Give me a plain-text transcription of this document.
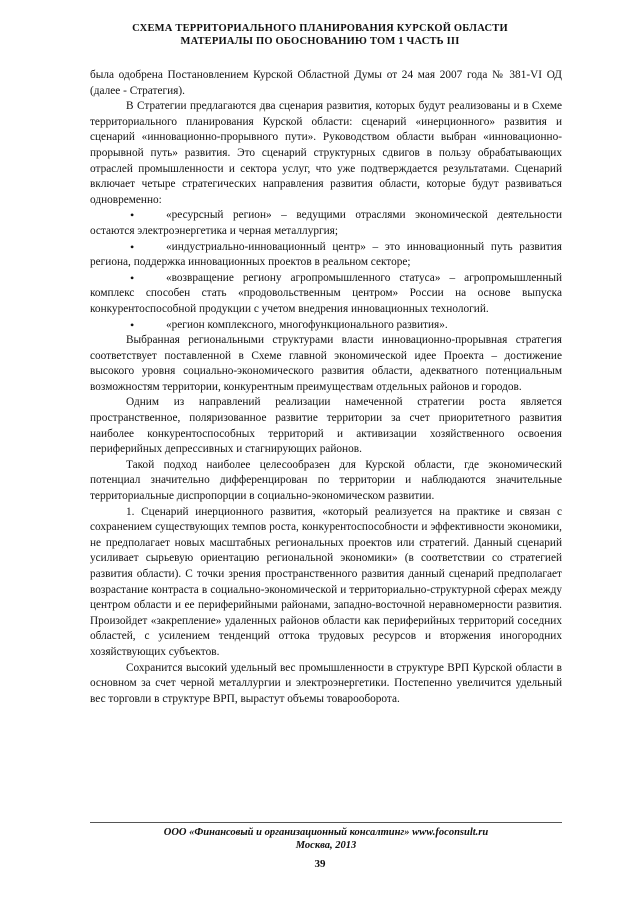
СХЕМА ТЕРРИТОРИАЛЬНОГО ПЛАНИРОВАНИЯ КУРСКОЙ ОБЛАСТИ
МАТЕРИАЛЫ ПО ОБОСНОВАНИЮ ТОМ 1 ЧАСТЬ III

была одобрена Постановлением Курской Областной Думы от 24 мая 2007 года № 381-VI ОД (далее - Стратегия).

В Стратегии предлагаются два сценария развития, которых будут реализованы и в Схеме территориального планирования Курской области: сценарий «инерционного» развития и сценарий «инновационно-прорывного пути». Руководством области выбран «инновационно-прорывной путь» развития. Это сценарий структурных сдвигов в пользу обрабатывающих отраслей промышленности и сектора услуг, что уже подтверждается результатами. Сценарий включает четыре стратегических направления развития области, которые будут развиваться одновременно:

•	«ресурсный регион» – ведущими отраслями экономической деятельности остаются электроэнергетика и черная металлургия;

•	«индустриально-инновационный центр» – это инновационный путь развития региона, поддержка инновационных проектов в реальном секторе;

•	«возвращение региону агропромышленного статуса» – агропромышленный комплекс способен стать «продовольственным центром» России на основе выпуска конкурентоспособной продукции с учетом внедрения инновационных технологий.

•	«регион комплексного, многофункционального развития».

Выбранная региональными структурами власти инновационно-прорывная стратегия соответствует поставленной в Схеме главной экономической идее Проекта – достижение высокого уровня социально-экономического развития области, адекватного потенциальным возможностям территории, конкурентным преимуществам отдельных районов и городов.

Одним из направлений реализации намеченной стратегии роста является пространственное, поляризованное развитие территории за счет приоритетного развития наиболее конкурентоспособных территорий и активизации хозяйственного освоения периферийных депрессивных и стагнирующих районов.

Такой подход наиболее целесообразен для Курской области, где экономический потенциал значительно дифференцирован по территории и наблюдаются значительные территориальные диспропорции в социально-экономическом развитии.

1. Сценарий инерционного развития, «который реализуется на практике и связан с сохранением существующих темпов роста, конкурентоспособности и эффективности экономики, не предполагает новых масштабных региональных проектов или стратегий. Данный сценарий усиливает сырьевую ориентацию региональной экономики» (в соответствии со стратегией развития области). С точки зрения пространственного развития данный сценарий предполагает возрастание контраста в социально-экономической и территориально-структурной сферах между центром области и ее периферийными районами, западно-восточной неравномерности развития. Произойдет «закрепление» удаленных районов области как периферийных территорий соседних областей, с усилением тенденций оттока трудовых ресурсов и вторжения иногородних хозяйствующих субъектов.

Сохранится высокий удельный вес промышленности в структуре ВРП Курской области в основном за счет черной металлургии и электроэнергетики. Постепенно увеличится удельный вес торговли в структуре ВРП, вырастут объемы товарооборота.

ООО «Финансовый и организационный консалтинг» www.foconsult.ru
Москва, 2013
39
